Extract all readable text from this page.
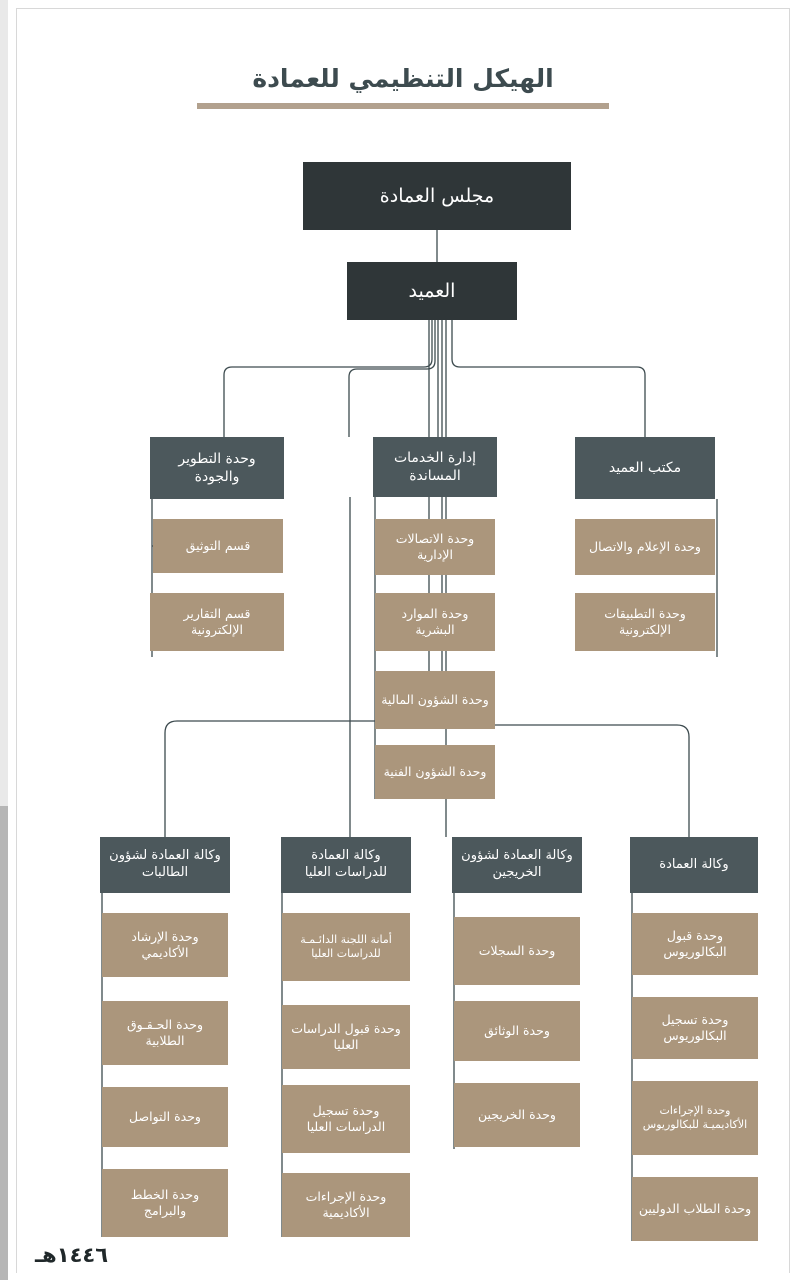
الهيكل التنظيمي للعمادة
مجلس العمادة
العميد
وحدة التطوير والجودة
قسم التوثيق
قسم التقارير الإلكترونية
إدارة الخدمات المساندة
وحدة الاتصالات الإدارية
وحدة الموارد البشرية
وحدة الشؤون المالية
وحدة الشؤون الفنية
مكتب العميد
وحدة الإعلام والاتصال
وحدة التطبيقات الإلكترونية
وكالة العمادة لشؤون الطالبات
وحدة الإرشاد الأكاديمي
وحدة الحـقـوق الطلابية
وحدة التواصل
وحدة الخطط والبرامج
وكالة العمادة للدراسات العليا
أمانة اللجنة الدائـمـة للدراسات العليا
وحدة قبول الدراسات العليا
وحدة تسجيل الدراسات العليا
وحدة الإجراءات الأكاديمية
وكالة العمادة لشؤون الخريجين
وحدة السجلات
وحدة الوثائق
وحدة الخريجين
وكالة العمادة
وحدة قبول البكالوريوس
وحدة تسجيل البكالوريوس
وحدة الإجراءات الأكاديميـة للبكالوريوس
وحدة الطلاب الدوليين
١٤٤٦هـ
